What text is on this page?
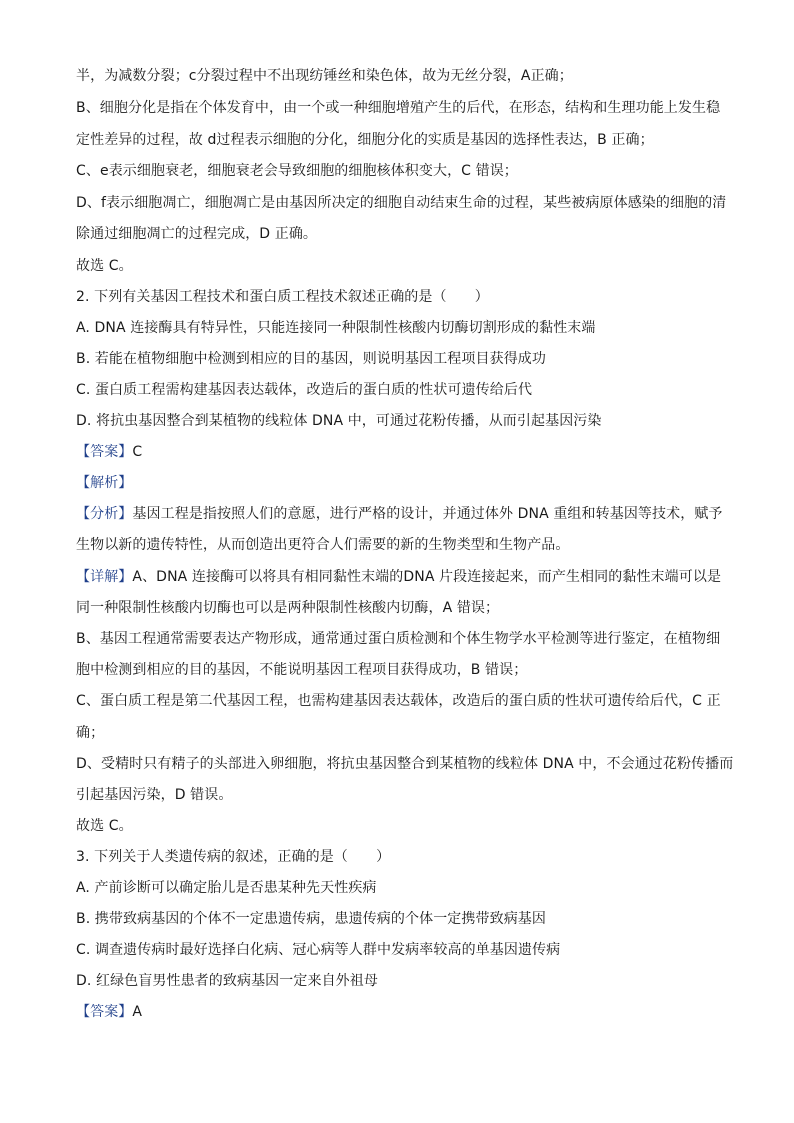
半，为减数分裂；c分裂过程中不出现纺锤丝和染色体，故为无丝分裂，A正确；
B、细胞分化是指在个体发育中，由一个或一种细胞增殖产生的后代，在形态，结构和生理功能上发生稳
定性差异的过程，故 d过程表示细胞的分化，细胞分化的实质是基因的选择性表达，B 正确；
C、e表示细胞衰老，细胞衰老会导致细胞的细胞核体积变大，C 错误；
D、f表示细胞凋亡，细胞凋亡是由基因所决定的细胞自动结束生命的过程，某些被病原体感染的细胞的清
除通过细胞凋亡的过程完成，D 正确。
故选 C。
2. 下列有关基因工程技术和蛋白质工程技术叙述正确的是（　　）
A. DNA 连接酶具有特异性，只能连接同一种限制性核酸内切酶切割形成的黏性末端
B. 若能在植物细胞中检测到相应的目的基因，则说明基因工程项目获得成功
C. 蛋白质工程需构建基因表达载体，改造后的蛋白质的性状可遗传给后代
D. 将抗虫基因整合到某植物的线粒体 DNA 中，可通过花粉传播，从而引起基因污染
【答案】C
【解析】
【分析】基因工程是指按照人们的意愿，进行严格的设计，并通过体外 DNA 重组和转基因等技术，赋予
生物以新的遗传特性，从而创造出更符合人们需要的新的生物类型和生物产品。
【详解】A、DNA 连接酶可以将具有相同黏性末端的DNA 片段连接起来，而产生相同的黏性末端可以是
同一种限制性核酸内切酶也可以是两种限制性核酸内切酶，A 错误；
B、基因工程通常需要表达产物形成，通常通过蛋白质检测和个体生物学水平检测等进行鉴定，在植物细
胞中检测到相应的目的基因，不能说明基因工程项目获得成功，B 错误；
C、蛋白质工程是第二代基因工程，也需构建基因表达载体，改造后的蛋白质的性状可遗传给后代，C 正
确；
D、受精时只有精子的头部进入卵细胞，将抗虫基因整合到某植物的线粒体 DNA 中，不会通过花粉传播而
引起基因污染，D 错误。
故选 C。
3. 下列关于人类遗传病的叙述，正确的是（　　）
A. 产前诊断可以确定胎儿是否患某种先天性疾病
B. 携带致病基因的个体不一定患遗传病，患遗传病的个体一定携带致病基因
C. 调查遗传病时最好选择白化病、冠心病等人群中发病率较高的单基因遗传病
D. 红绿色盲男性患者的致病基因一定来自外祖母
【答案】A
